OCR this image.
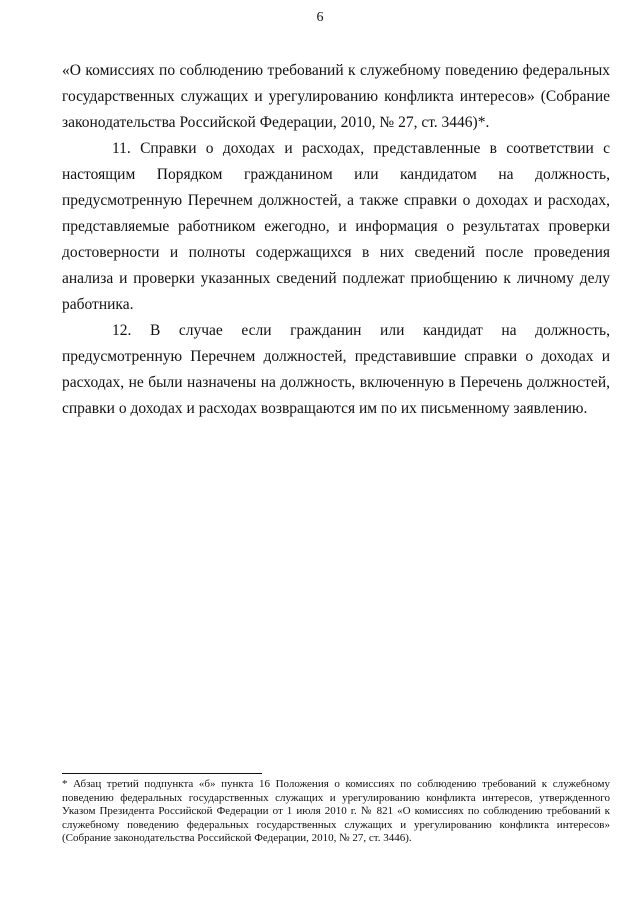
6

«О комиссиях по соблюдению требований к служебному поведению федеральных государственных служащих и урегулированию конфликта интересов» (Собрание законодательства Российской Федерации, 2010, № 27, ст. 3446)*.

11. Справки о доходах и расходах, представленные в соответствии с настоящим Порядком гражданином или кандидатом на должность, предусмотренную Перечнем должностей, а также справки о доходах и расходах, представляемые работником ежегодно, и информация о результатах проверки достоверности и полноты содержащихся в них сведений после проведения анализа и проверки указанных сведений подлежат приобщению к личному делу работника.

12. В случае если гражданин или кандидат на должность, предусмотренную Перечнем должностей, представившие справки о доходах и расходах, не были назначены на должность, включенную в Перечень должностей, справки о доходах и расходах возвращаются им по их письменному заявлению.

* Абзац третий подпункта «б» пункта 16 Положения о комиссиях по соблюдению требований к служебному поведению федеральных государственных служащих и урегулированию конфликта интересов, утвержденного Указом Президента Российской Федерации от 1 июля 2010 г. № 821 «О комиссиях по соблюдению требований к служебному поведению федеральных государственных служащих и урегулированию конфликта интересов» (Собрание законодательства Российской Федерации, 2010, № 27, ст. 3446).
